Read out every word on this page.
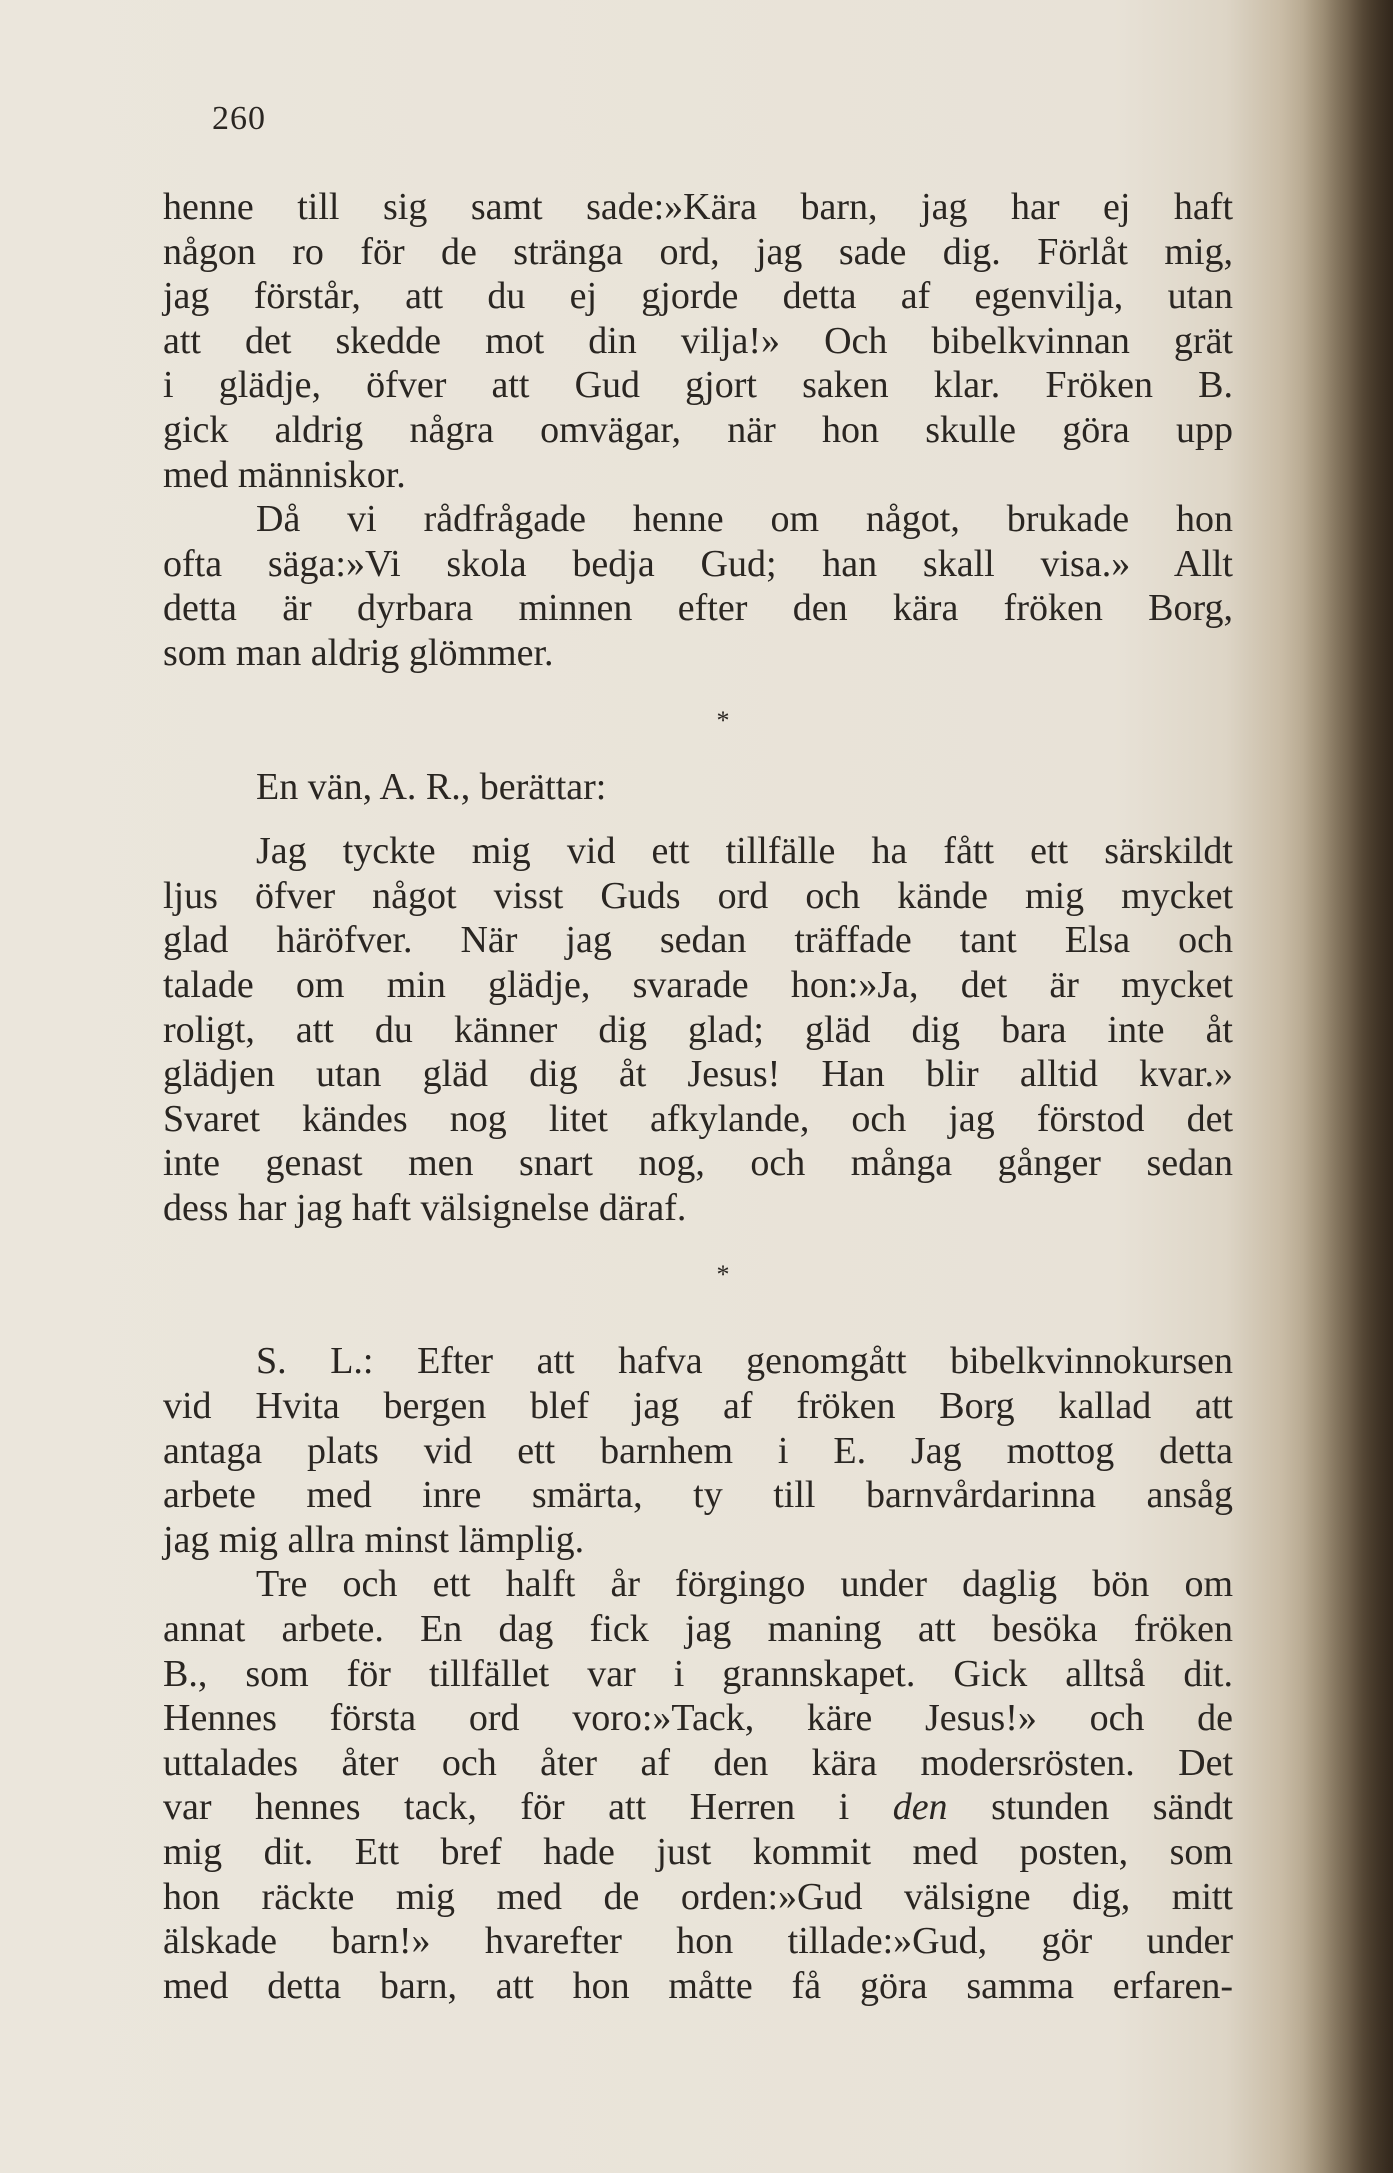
260
henne till sig samt sade:»Kära barn, jag har ej haft
någon ro för de stränga ord, jag sade dig. Förlåt mig,
jag förstår, att du ej gjorde detta af egenvilja, utan
att det skedde mot din vilja!» Och bibelkvinnan grät
i glädje, öfver att Gud gjort saken klar. Fröken B.
gick aldrig några omvägar, när hon skulle göra upp
med människor.
Då vi rådfrågade henne om något, brukade hon
ofta säga:»Vi skola bedja Gud; han skall visa.» Allt
detta är dyrbara minnen efter den kära fröken Borg,
som man aldrig glömmer.
*
En vän, A. R., berättar:
Jag tyckte mig vid ett tillfälle ha fått ett särskildt
ljus öfver något visst Guds ord och kände mig mycket
glad häröfver. När jag sedan träffade tant Elsa och
talade om min glädje, svarade hon:»Ja, det är mycket
roligt, att du känner dig glad; gläd dig bara inte åt
glädjen utan gläd dig åt Jesus! Han blir alltid kvar.»
Svaret kändes nog litet afkylande, och jag förstod det
inte genast men snart nog, och många gånger sedan
dess har jag haft välsignelse däraf.
*
S. L.: Efter att hafva genomgått bibelkvinnokursen
vid Hvita bergen blef jag af fröken Borg kallad att
antaga plats vid ett barnhem i E. Jag mottog detta
arbete med inre smärta, ty till barnvårdarinna ansåg
jag mig allra minst lämplig.
Tre och ett halft år förgingo under daglig bön om
annat arbete. En dag fick jag maning att besöka fröken
B., som för tillfället var i grannskapet. Gick alltså dit.
Hennes första ord voro:»Tack, käre Jesus!» och de
uttalades åter och åter af den kära modersrösten. Det
var hennes tack, för att Herren i den stunden sändt
mig dit. Ett bref hade just kommit med posten, som
hon räckte mig med de orden:»Gud välsigne dig, mitt
älskade barn!» hvarefter hon tillade:»Gud, gör under
med detta barn, att hon måtte få göra samma erfaren-
